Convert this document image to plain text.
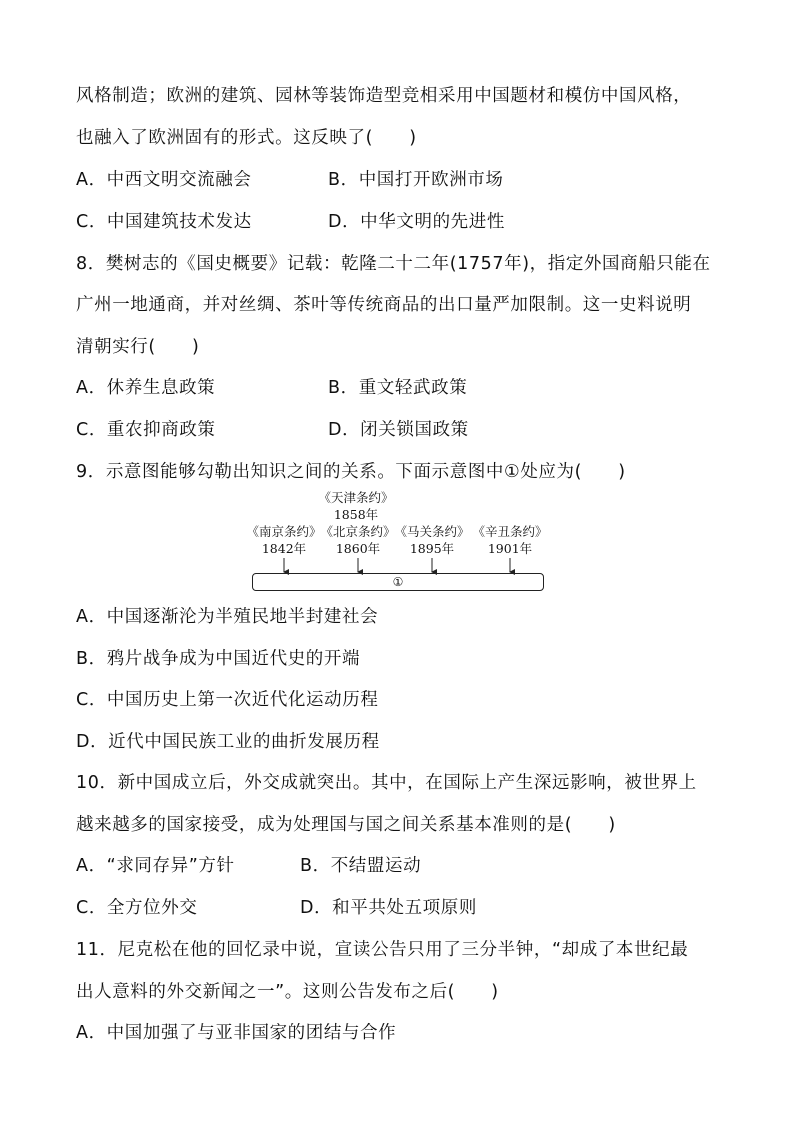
风格制造；欧洲的建筑、园林等装饰造型竞相采用中国题材和模仿中国风格，
也融入了欧洲固有的形式。这反映了(　　)
A．中西文明交流融会	B．中国打开欧洲市场
C．中国建筑技术发达	D．中华文明的先进性
8．樊树志的《国史概要》记载：乾隆二十二年(1757年)，指定外国商船只能在
广州一地通商，并对丝绸、茶叶等传统商品的出口量严加限制。这一史料说明
清朝实行(　　)
A．休养生息政策	B．重文轻武政策
C．重农抑商政策	D．闭关锁国政策
9．示意图能够勾勒出知识之间的关系。下面示意图中①处应为(　　)
《天津条约》
1858年
《南京条约》
1842年
《北京条约》
1860年
《马关条约》
1895年
《辛丑条约》
1901年
①
A．中国逐渐沦为半殖民地半封建社会
B．鸦片战争成为中国近代史的开端
C．中国历史上第一次近代化运动历程
D．近代中国民族工业的曲折发展历程
10．新中国成立后，外交成就突出。其中，在国际上产生深远影响，被世界上
越来越多的国家接受，成为处理国与国之间关系基本准则的是(　　)
A．“求同存异”方针	B．不结盟运动
C．全方位外交	D．和平共处五项原则
11．尼克松在他的回忆录中说，宣读公告只用了三分半钟，“却成了本世纪最
出人意料的外交新闻之一”。这则公告发布之后(　　)
A．中国加强了与亚非国家的团结与合作
